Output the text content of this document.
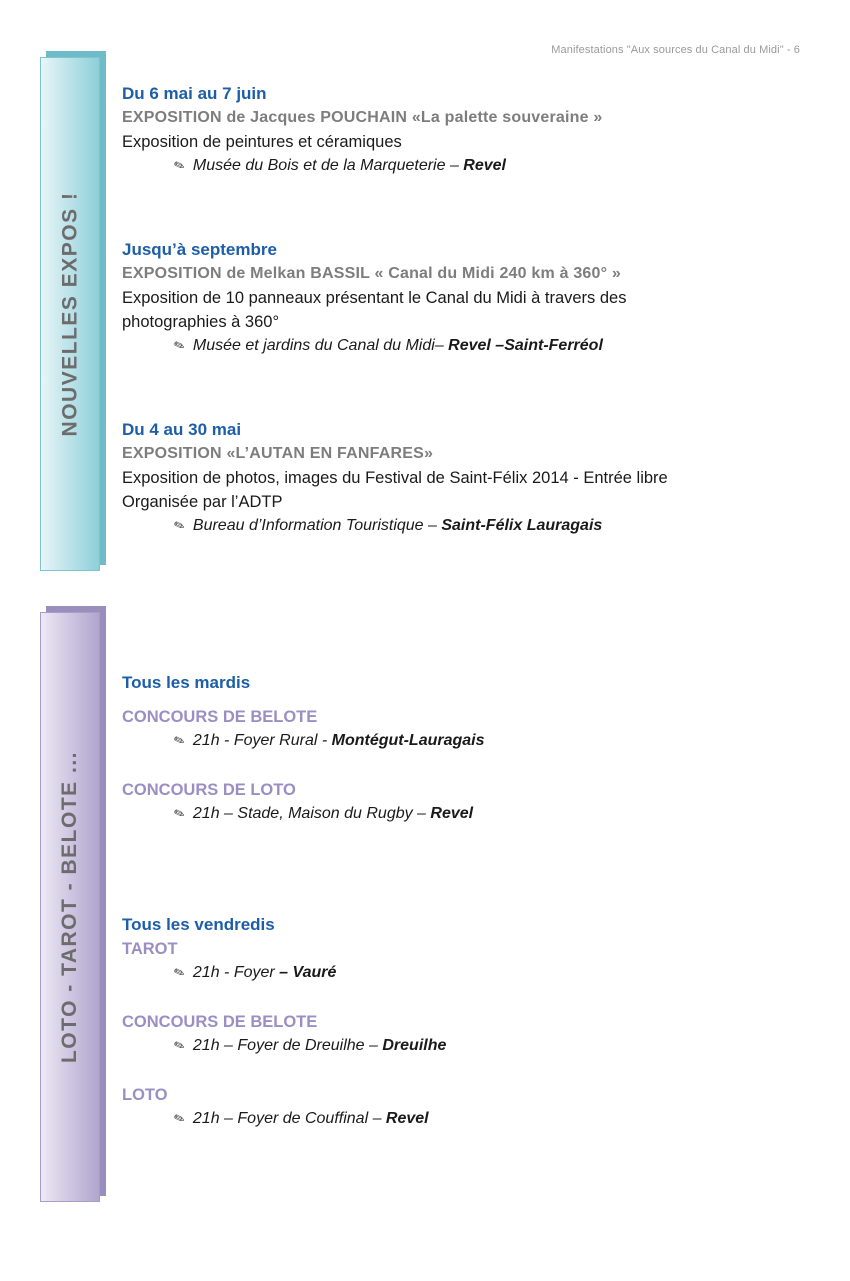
Manifestations "Aux sources du Canal du Midi" - 6
NOUVELLES EXPOS !
LOTO - TAROT - BELOTE ...
Du 6 mai au 7 juin
EXPOSITION de Jacques POUCHAIN «La palette souveraine »
Exposition de peintures et céramiques
✎ Musée du Bois et de la Marqueterie – Revel
Jusqu’à septembre
EXPOSITION de Melkan BASSIL « Canal du Midi 240 km à 360° »
Exposition de 10 panneaux présentant le Canal du Midi à travers des
photographies à 360°
✎ Musée et jardins du Canal du Midi– Revel –Saint-Ferréol
Du 4 au 30 mai
EXPOSITION «L’AUTAN EN FANFARES»
Exposition de photos, images du Festival de Saint-Félix 2014 - Entrée libre
Organisée par l’ADTP
✎ Bureau d’Information Touristique – Saint-Félix Lauragais
Tous les mardis
CONCOURS DE BELOTE
✎ 21h - Foyer Rural - Montégut-Lauragais
CONCOURS DE LOTO
✎ 21h – Stade, Maison du Rugby – Revel
Tous les vendredis
TAROT
✎ 21h - Foyer – Vauré
CONCOURS DE BELOTE
✎ 21h – Foyer de Dreuilhe – Dreuilhe
LOTO
✎ 21h – Foyer de Couffinal – Revel
